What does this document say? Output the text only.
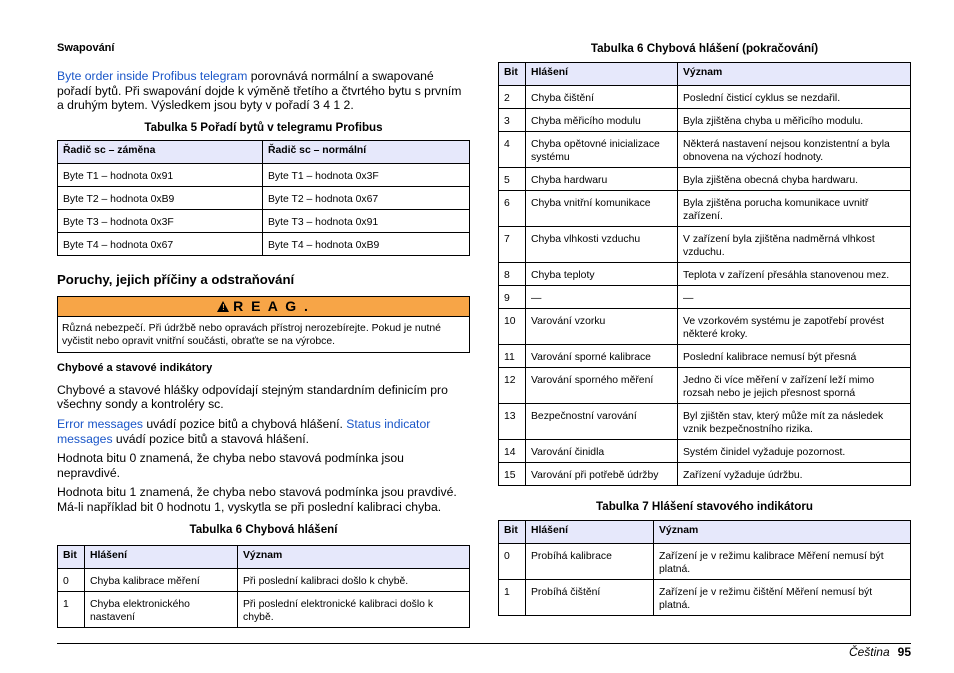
Swapování

Byte order inside Profibus telegram porovnává normální a swapované pořadí bytů. Při swapování dojde k výměně třetího a čtvrtého bytu s prvním a druhým bytem. Výsledkem jsou byty v pořadí 3 4 1 2.

Tabulka 5 Pořadí bytů v telegramu Profibus
Řadič sc – záměna	Řadič sc – normální
Byte T1 – hodnota 0x91	Byte T1 – hodnota 0x3F
Byte T2 – hodnota 0xB9	Byte T2 – hodnota 0x67
Byte T3 – hodnota 0x3F	Byte T3 – hodnota 0x91
Byte T4 – hodnota 0x67	Byte T4 – hodnota 0xB9
Poruchy, jejich příčiny a odstraňování
! R E A G .
Různá nebezpečí. Při údržbě nebo opravách přístroj nerozebírejte. Pokud je nutné vyčistit nebo opravit vnitřní součásti, obraťte se na výrobce.
Chybové a stavové indikátory

Chybové a stavové hlášky odpovídají stejným standardním definicím pro všechny sondy a kontroléry sc.

Error messages uvádí pozice bitů a chybová hlášení. Status indicator messages uvádí pozice bitů a stavová hlášení.

Hodnota bitu 0 znamená, že chyba nebo stavová podmínka jsou nepravdivé.

Hodnota bitu 1 znamená, že chyba nebo stavová podmínka jsou pravdivé. Má-li například bit 0 hodnotu 1, vyskytla se při poslední kalibraci chyba.

Tabulka 6 Chybová hlášení
Bit	Hlášení	Význam
0	Chyba kalibrace měření	Při poslední kalibraci došlo k chybě.
1	Chyba elektronického nastavení	Při poslední elektronické kalibraci došlo k chybě.
Tabulka 6 Chybová hlášení (pokračování)
Bit	Hlášení	Význam
2	Chyba čištění	Poslední čisticí cyklus se nezdařil.
3	Chyba měřicího modulu	Byla zjištěna chyba u měřicího modulu.
4	Chyba opětovné inicializace systému	Některá nastavení nejsou konzistentní a byla obnovena na výchozí hodnoty.
5	Chyba hardwaru	Byla zjištěna obecná chyba hardwaru.
6	Chyba vnitřní komunikace	Byla zjištěna porucha komunikace uvnitř zařízení.
7	Chyba vlhkosti vzduchu	V zařízení byla zjištěna nadměrná vlhkost vzduchu.
8	Chyba teploty	Teplota v zařízení přesáhla stanovenou mez.
9	—	—
10	Varování vzorku	Ve vzorkovém systému je zapotřebí provést některé kroky.
11	Varování sporné kalibrace	Poslední kalibrace nemusí být přesná
12	Varování sporného měření	Jedno či více měření v zařízení leží mimo rozsah nebo je jejich přesnost sporná
13	Bezpečnostní varování	Byl zjištěn stav, který může mít za následek vznik bezpečnostního rizika.
14	Varování činidla	Systém činidel vyžaduje pozornost.
15	Varování při potřebě údržby	Zařízení vyžaduje údržbu.
Tabulka 7 Hlášení stavového indikátoru
Bit	Hlášení	Význam
0	Probíhá kalibrace	Zařízení je v režimu kalibrace Měření nemusí být platná.
1	Probíhá čištění	Zařízení je v režimu čištění Měření nemusí být platná.
Čeština 95
